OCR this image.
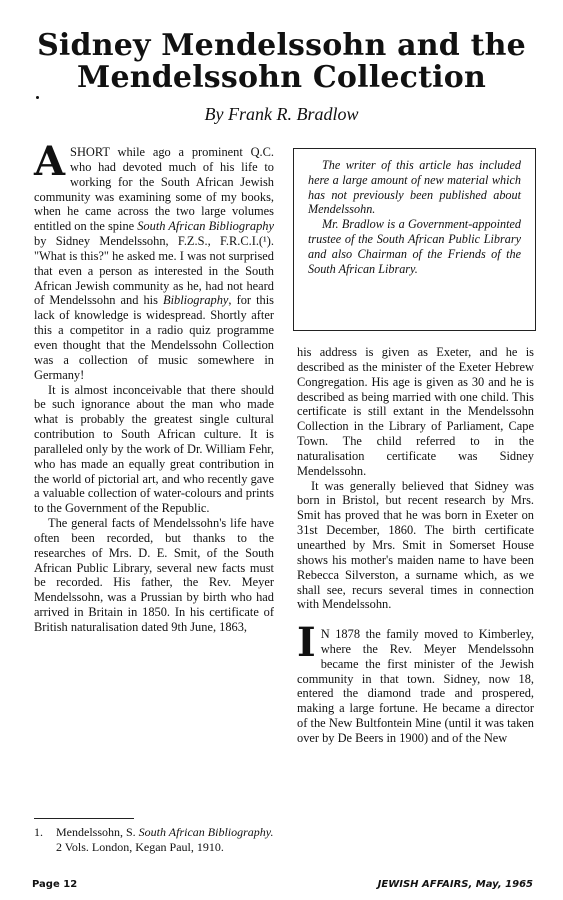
Sidney Mendelssohn and the
Mendelssohn Collection
By Frank R. Bradlow

ASHORT while ago a prominent Q.C. who had devoted much of his life to working for the South African Jewish community was examining some of my books, when he came across the two large volumes entitled on the spine South African Bibliography by Sidney Mendelssohn, F.Z.S., F.R.C.I.(¹). "What is this?" he asked me. I was not surprised that even a person as interested in the South African Jewish community as he, had not heard of Mendelssohn and his Bibliography, for this lack of knowledge is widespread. Shortly after this a competitor in a radio quiz programme even thought that the Mendelssohn Collection was a collection of music somewhere in Germany!

It is almost inconceivable that there should be such ignorance about the man who made what is probably the greatest single cultural contribution to South African culture. It is paralleled only by the work of Dr. William Fehr, who has made an equally great contribution in the world of pictorial art, and who recently gave a valuable collection of water-colours and prints to the Government of the Republic.

The general facts of Mendelssohn's life have often been recorded, but thanks to the researches of Mrs. D. E. Smit, of the South African Public Library, several new facts must be recorded. His father, the Rev. Meyer Mendelssohn, was a Prussian by birth who had arrived in Britain in 1850. In his certificate of British naturalisation dated 9th June, 1863,

The writer of this article has included here a large amount of new material which has not previously been published about Mendelssohn.

Mr. Bradlow is a Government-appointed trustee of the South African Public Library and also Chairman of the Friends of the South African Library.

his address is given as Exeter, and he is described as the minister of the Exeter Hebrew Congregation. His age is given as 30 and he is described as being married with one child. This certificate is still extant in the Mendelssohn Collection in the Library of Parliament, Cape Town. The child referred to in the naturalisation certificate was Sidney Mendelssohn.

It was generally believed that Sidney was born in Bristol, but recent research by Mrs. Smit has proved that he was born in Exeter on 31st December, 1860. The birth certificate unearthed by Mrs. Smit in Somerset House shows his mother's maiden name to have been Rebecca Silverston, a surname which, as we shall see, recurs several times in connection with Mendelssohn.

I N 1878 the family moved to Kimberley, where the Rev. Meyer Mendelssohn became the first minister of the Jewish community in that town. Sidney, now 18, entered the diamond trade and prospered, making a large fortune. He became a director of the New Bultfontein Mine (until it was taken over by De Beers in 1900) and of the New

1.	Mendelssohn, S. South African Bibliography. 2 Vols. London, Kegan Paul, 1910.
Page 12	JEWISH AFFAIRS, May, 1965
